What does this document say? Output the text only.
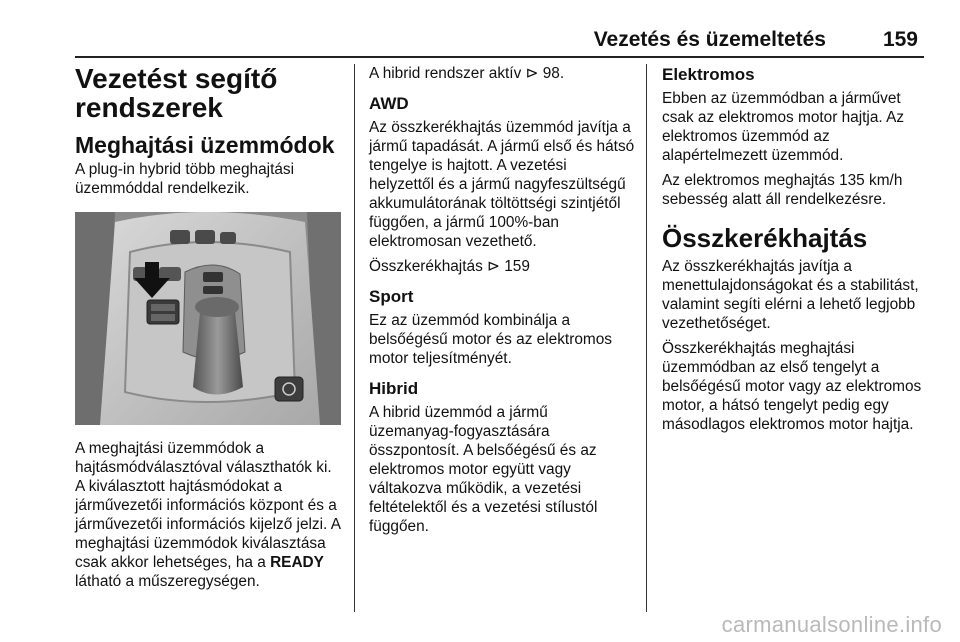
Vezetés és üzemeltetés	159
Vezetést segítő
rendszerek
Meghajtási üzemmódok

A plug-in hybrid több meghajtási üzemmóddal rendelkezik.

A meghajtási üzemmódok a hajtásmódválasztóval választhatók ki. A kiválasztott hajtásmódokat a járművezetői információs központ és a járművezetői információs kijelző jelzi. A meghajtási üzemmódok kiválasztása csak akkor lehetséges, ha a READY látható a műszeregységen.

A hibrid rendszer aktív ⊳ 98.

AWD

Az összkerékhajtás üzemmód javítja a jármű tapadását. A jármű első és hátsó tengelye is hajtott. A vezetési helyzettől és a jármű nagyfeszültségű akkumulátorának töltöttségi szintjétől függően, a jármű 100%-ban elektromosan vezethető.

Összkerékhajtás ⊳ 159

Sport

Ez az üzemmód kombinálja a belsőégésű motor és az elektromos motor teljesítményét.

Hibrid

A hibrid üzemmód a jármű üzemanyag-fogyasztására összpontosít. A belsőégésű és az elektromos motor együtt vagy váltakozva működik, a vezetési feltételektől és a vezetési stílustól függően.

Elektromos

Ebben az üzemmódban a járművet csak az elektromos motor hajtja. Az elektromos üzemmód az alapértelmezett üzemmód.

Az elektromos meghajtás 135 km/h sebesség alatt áll rendelkezésre.

Összkerékhajtás

Az összkerékhajtás javítja a menettulajdonságokat és a stabilitást, valamint segíti elérni a lehető legjobb vezethetőséget.

Összkerékhajtás meghajtási üzemmódban az első tengelyt a belsőégésű motor vagy az elektromos motor, a hátsó tengelyt pedig egy másodlagos elektromos motor hajtja.

carmanualsonline.info
